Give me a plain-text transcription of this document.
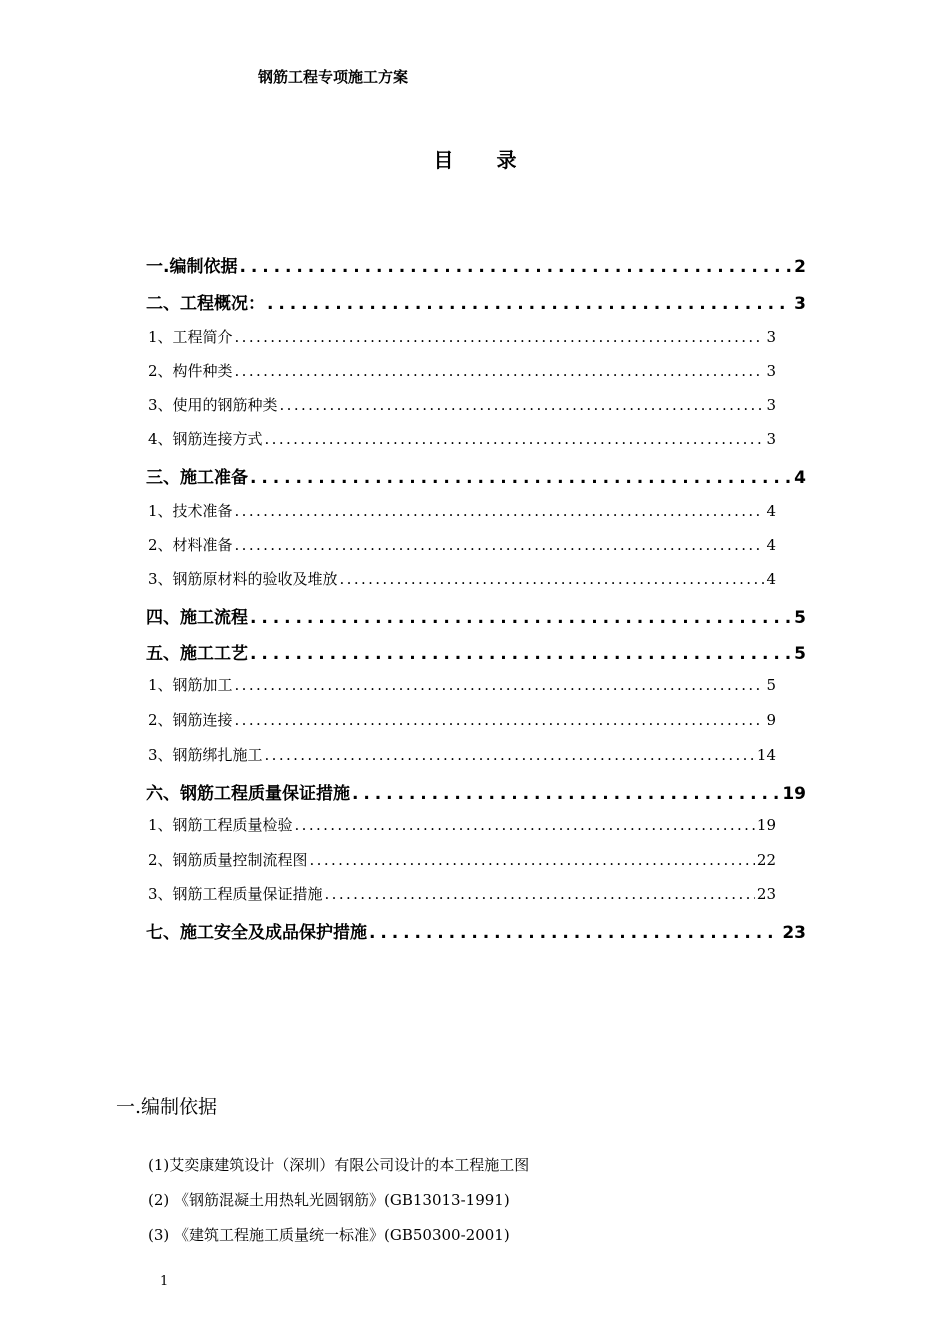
钢筋工程专项施工方案
目 录
一.编制依据 . . .	2
二、工程概况： . . .	3
1、工程简介 . . .	3
2、构件种类 . . .	3
3、使用的钢筋种类 . . .	3
4、钢筋连接方式 . . .	3
三、施工准备 . . .	4
1、技术准备 . . .	4
2、材料准备 . . .	4
3、钢筋原材料的验收及堆放 . . .	4
四、施工流程 . . .	5
五、施工工艺 . . .	5
1、钢筋加工 . . .	5
2、钢筋连接 . . .	9
3、钢筋绑扎施工 . . .	14
六、钢筋工程质量保证措施 . . .	19
1、钢筋工程质量检验 . . .	19
2、钢筋质量控制流程图 . . .	22
3、钢筋工程质量保证措施 . . .	23
七、施工安全及成品保护措施 . . .	23
一.编制依据
(1)艾奕康建筑设计（深圳）有限公司设计的本工程施工图
(2) 《钢筋混凝土用热轧光圆钢筋》(GB13013-1991)
(3) 《建筑工程施工质量统一标准》(GB50300-2001)
1
